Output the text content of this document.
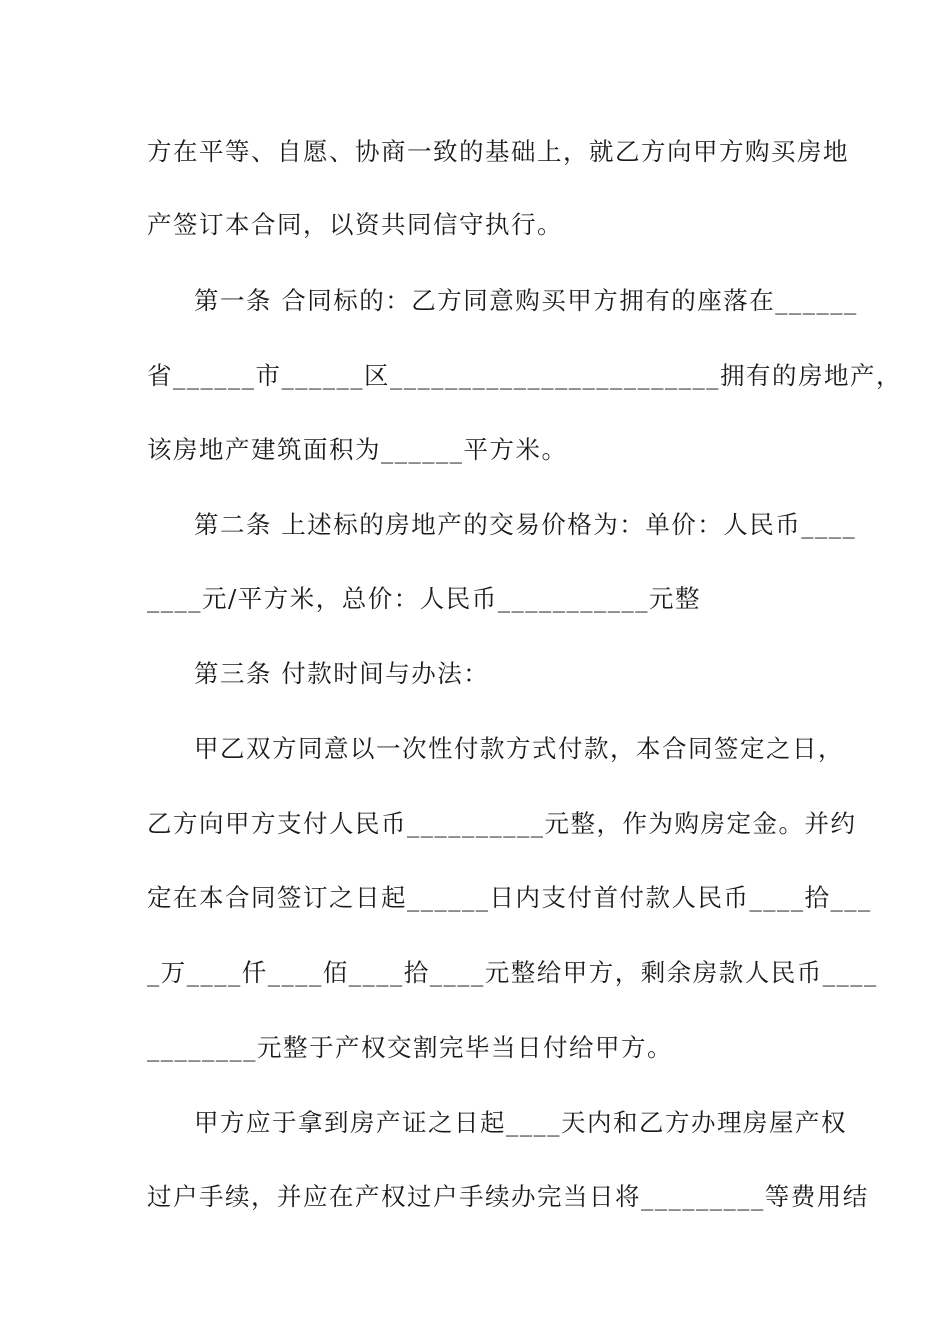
方在平等、自愿、协商一致的基础上，就乙方向甲方购买房地
产签订本合同，以资共同信守执行。
第一条 合同标的：乙方同意购买甲方拥有的座落在______
省______市______区________________________拥有的房地产，
该房地产建筑面积为______平方米。
第二条 上述标的房地产的交易价格为：单价：人民币____
____元/平方米，总价：人民币___________元整
第三条 付款时间与办法：
甲乙双方同意以一次性付款方式付款，本合同签定之日，
乙方向甲方支付人民币__________元整，作为购房定金。并约
定在本合同签订之日起______日内支付首付款人民币____拾___
_万____仟____佰____拾____元整给甲方，剩余房款人民币____
________元整于产权交割完毕当日付给甲方。
甲方应于拿到房产证之日起____天内和乙方办理房屋产权
过户手续，并应在产权过户手续办完当日将_________等费用结
